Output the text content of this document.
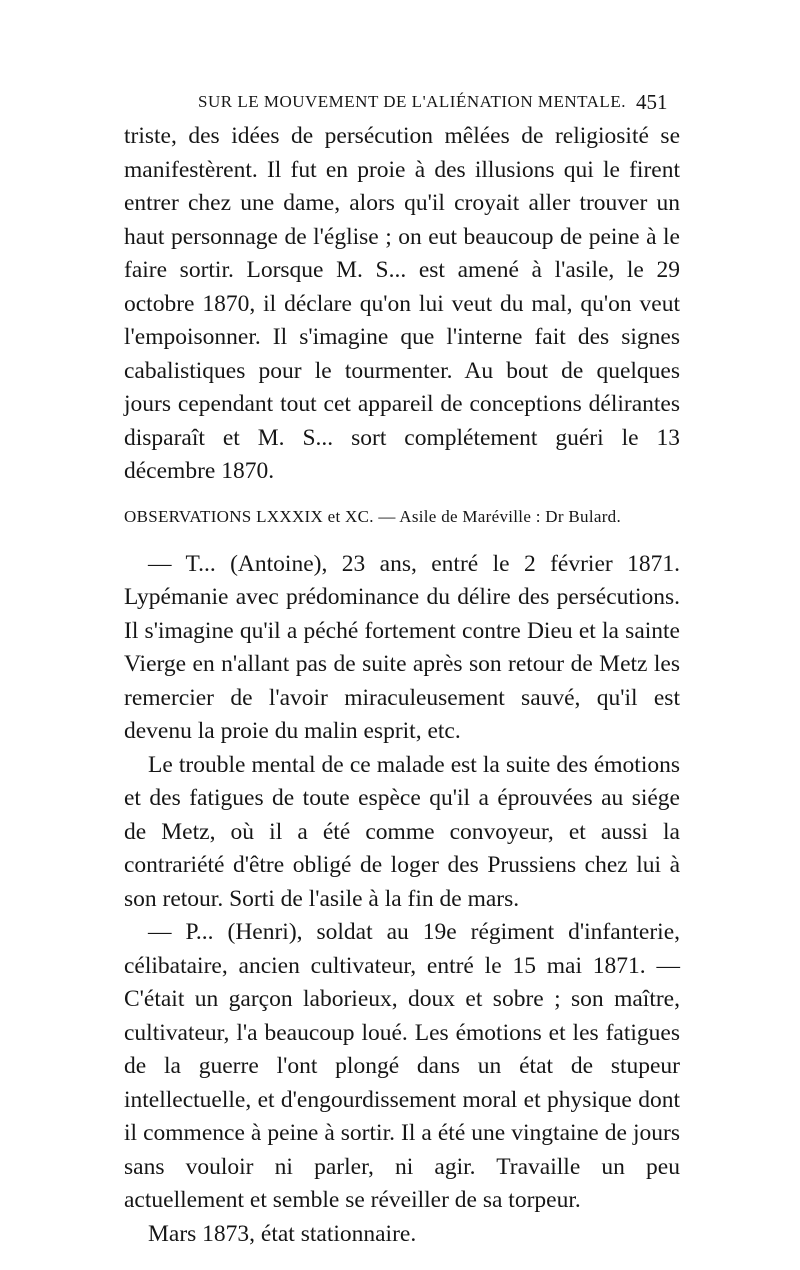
SUR LE MOUVEMENT DE L'ALIÉNATION MENTALE. 451

triste, des idées de persécution mêlées de religiosité se manifestèrent. Il fut en proie à des illusions qui le firent entrer chez une dame, alors qu'il croyait aller trouver un haut personnage de l'église ; on eut beaucoup de peine à le faire sortir. Lorsque M. S... est amené à l'asile, le 29 octobre 1870, il déclare qu'on lui veut du mal, qu'on veut l'empoisonner. Il s'imagine que l'interne fait des signes cabalistiques pour le tourmenter. Au bout de quelques jours cependant tout cet appareil de conceptions délirantes disparaît et M. S... sort complétement guéri le 13 décembre 1870.

OBSERVATIONS LXXXIX et XC. — Asile de Maréville : Dr Bulard.

— T... (Antoine), 23 ans, entré le 2 février 1871. Lypémanie avec prédominance du délire des persécutions. Il s'imagine qu'il a péché fortement contre Dieu et la sainte Vierge en n'allant pas de suite après son retour de Metz les remercier de l'avoir miraculeusement sauvé, qu'il est devenu la proie du malin esprit, etc.

Le trouble mental de ce malade est la suite des émotions et des fatigues de toute espèce qu'il a éprouvées au siége de Metz, où il a été comme convoyeur, et aussi la contrariété d'être obligé de loger des Prussiens chez lui à son retour. Sorti de l'asile à la fin de mars.

— P... (Henri), soldat au 19e régiment d'infanterie, célibataire, ancien cultivateur, entré le 15 mai 1871. — C'était un garçon laborieux, doux et sobre ; son maître, cultivateur, l'a beaucoup loué. Les émotions et les fatigues de la guerre l'ont plongé dans un état de stupeur intellectuelle, et d'engourdissement moral et physique dont il commence à peine à sortir. Il a été une vingtaine de jours sans vouloir ni parler, ni agir. Travaille un peu actuellement et semble se réveiller de sa torpeur.

Mars 1873, état stationnaire.
